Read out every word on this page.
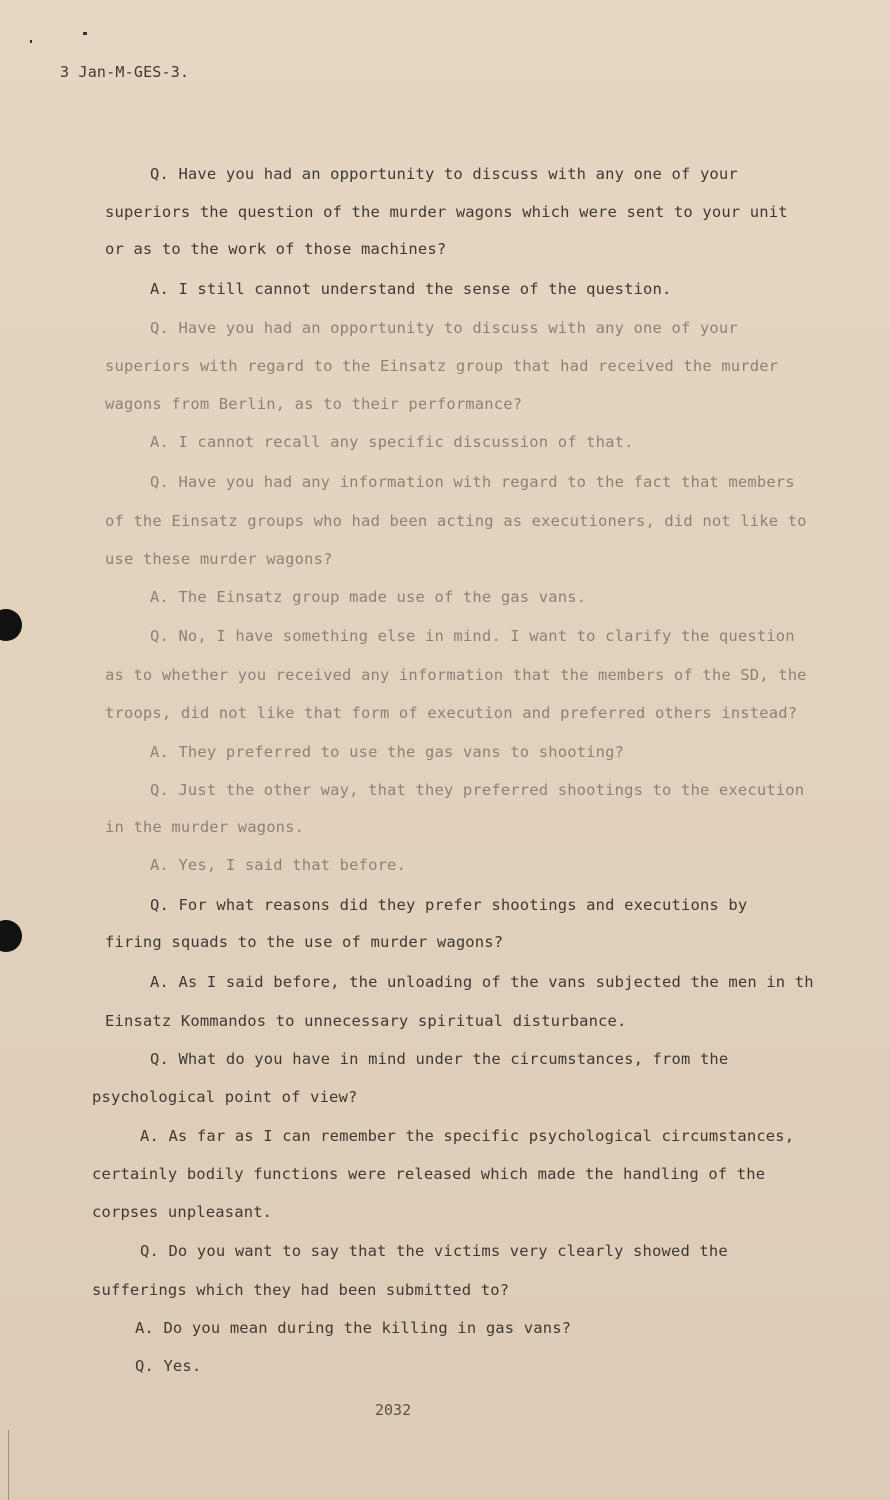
3 Jan-M-GES-3.
Q. Have you had an opportunity to discuss with any one of your
superiors the question of the murder wagons which were sent to your unit
or as to the work of those machines?
A. I still cannot understand the sense of the question.
Q. Have you had an opportunity to discuss with any one of your
superiors with regard to the Einsatz group that had received the murder
wagons from Berlin, as to their performance?
A. I cannot recall any specific discussion of that.
Q. Have you had any information with regard to the fact that members
of the Einsatz groups who had been acting as executioners, did not like to
use these murder wagons?
A. The Einsatz group made use of the gas vans.
Q. No, I have something else in mind. I want to clarify the question
as to whether you received any information that the members of the SD, the
troops, did not like that form of execution and preferred others instead?
A. They preferred to use the gas vans to shooting?
Q. Just the other way, that they preferred shootings to the execution
in the murder wagons.
A. Yes, I said that before.
Q. For what reasons did they prefer shootings and executions by
firing squads to the use of murder wagons?
A. As I said before, the unloading of the vans subjected the men in th
Einsatz Kommandos to unnecessary spiritual disturbance.
Q. What do you have in mind under the circumstances, from the
psychological point of view?
A. As far as I can remember the specific psychological circumstances,
certainly bodily functions were released which made the handling of the
corpses unpleasant.
Q. Do you want to say that the victims very clearly showed the
sufferings which they had been submitted to?
A. Do you mean during the killing in gas vans?
Q. Yes.
2032
